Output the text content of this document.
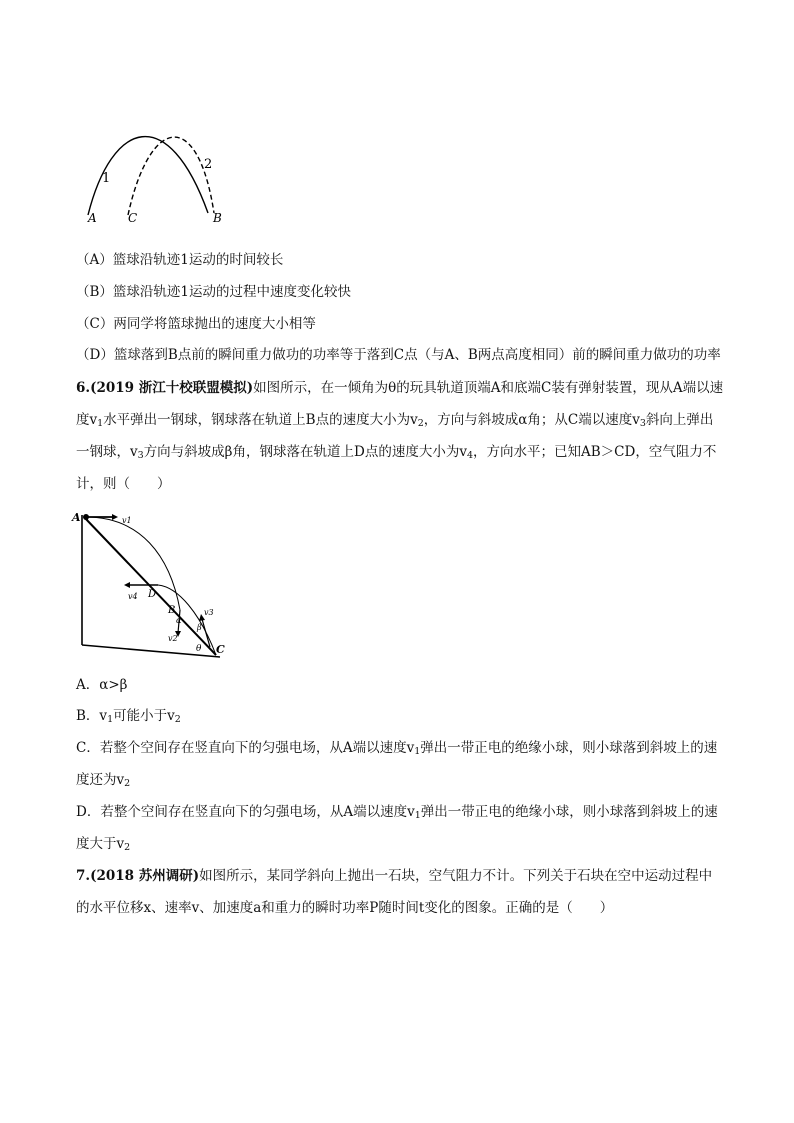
1
2
A	C	B
（A）篮球沿轨迹1运动的时间较长
（B）篮球沿轨迹1运动的过程中速度变化较快
（C）两同学将篮球抛出的速度大小相等
（D）篮球落到B点前的瞬间重力做功的功率等于落到C点（与A、B两点高度相同）前的瞬间重力做功的功率
6.(2019 浙江十校联盟模拟)如图所示，在一倾角为θ的玩具轨道顶端A和底端C装有弹射装置，现从A端以速度$v_1$水平弹出一钢球，钢球落在轨道上B点的速度大小为$v_2$，方向与斜坡成α角；从C端以速度$v_3$斜向上弹出一钢球，$v_3$方向与斜坡成β角，钢球落在轨道上D点的速度大小为$v_4$，方向水平；已知AB＞CD，空气阻力不计，则（　　）
A	v1
D
v4
B
α
v2
v3
β
θ C
A．α>β
B．$v_1$可能小于$v_2$
C．若整个空间存在竖直向下的匀强电场，从A端以速度$v_1$弹出一带正电的绝缘小球，则小球落到斜坡上的速度还为$v_2$
D．若整个空间存在竖直向下的匀强电场，从A端以速度$v_1$弹出一带正电的绝缘小球，则小球落到斜坡上的速度大于$v_2$
7.(2018 苏州调研)如图所示，某同学斜向上抛出一石块，空气阻力不计。下列关于石块在空中运动过程中的水平位移x、速率v、加速度a和重力的瞬时功率P随时间t变化的图象。正确的是（　　）
